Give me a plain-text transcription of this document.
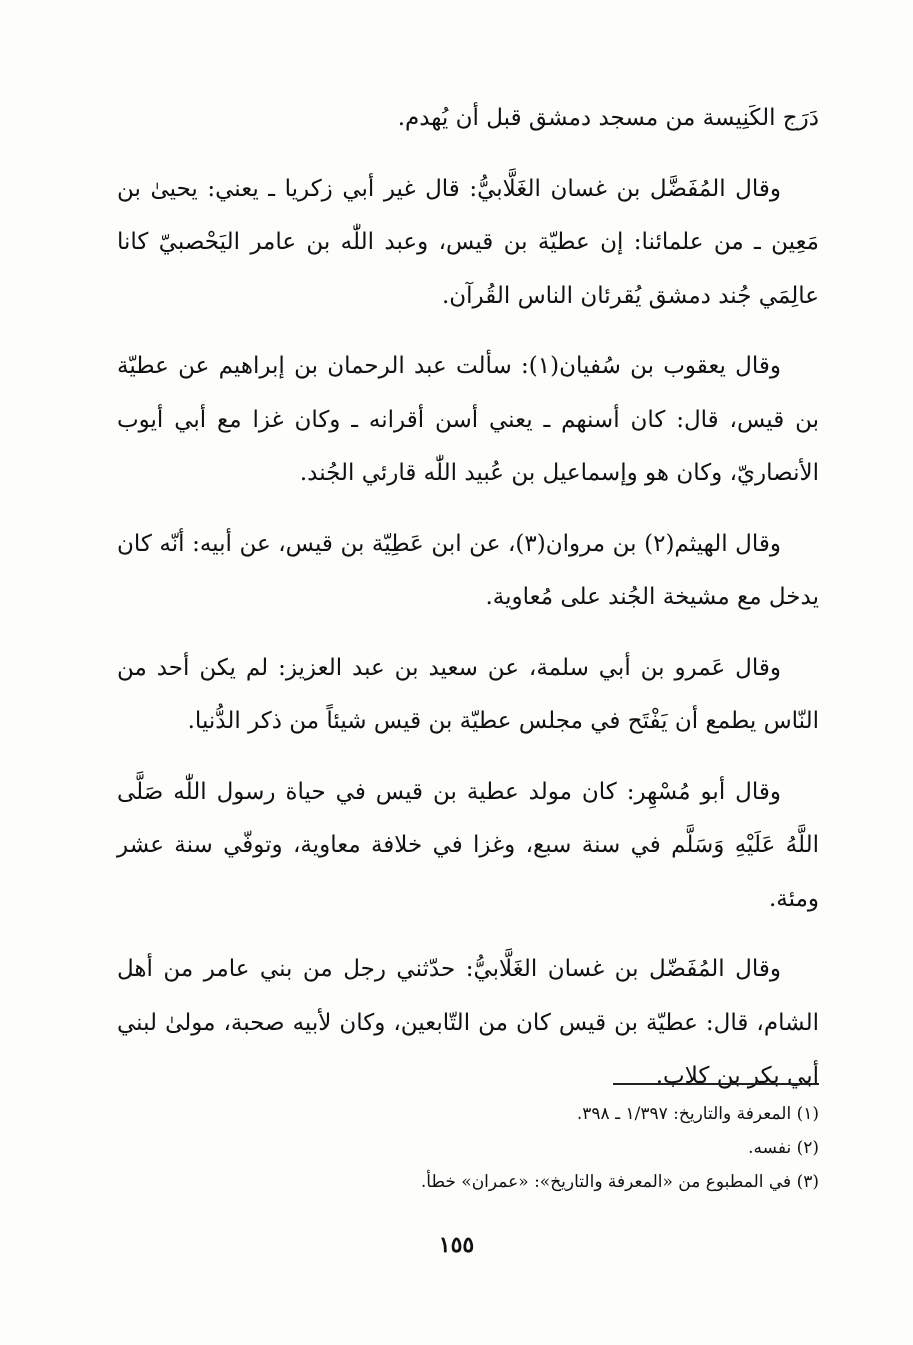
دَرَج الكَنِيسة من مسجد دمشق قبل أن يُهدم.

وقال المُفَضَّل بن غسان الغَلَّابيُّ: قال غير أبي زكريا ـ يعني: يحيىٰ بن مَعِين ـ من علمائنا: إن عطيّة بن قيس، وعبد اللّٰه بن عامر اليَحْصبيّ كانا عالِمَي جُند دمشق يُقرئان الناس القُرآن.

وقال يعقوب بن سُفيان(١): سألت عبد الرحمان بن إبراهيم عن عطيّة بن قيس، قال: كان أسنهم ـ يعني أسن أقرانه ـ وكان غزا مع أبي أيوب الأنصاريّ، وكان هو وإسماعيل بن عُبيد اللّٰه قارئي الجُند.

وقال الهيثم(٢) بن مروان(٣)، عن ابن عَطِيّة بن قيس، عن أبيه: أنّه كان يدخل مع مشيخة الجُند على مُعاوية.

وقال عَمرو بن أبي سلمة، عن سعيد بن عبد العزيز: لم يكن أحد من النّاس يطمع أن يَفْتَح في مجلس عطيّة بن قيس شيئاً من ذكر الدُّنيا.

وقال أبو مُسْهِر: كان مولد عطية بن قيس في حياة رسول اللّٰه صَلَّى اللَّهُ عَلَيْهِ وَسَلَّم في سنة سبع، وغزا في خلافة معاوية، وتوفّي سنة عشر ومئة.

وقال المُفَضّل بن غسان الغَلَّابيُّ: حدّثني رجل من بني عامر من أهل الشام، قال: عطيّة بن قيس كان من التّابعين، وكان لأبيه صحبة، مولىٰ لبني أبي بكر بن كلاب.

(١) المعرفة والتاريخ: ١/٣٩٧ ـ ٣٩٨.

(٢) نفسه.

(٣) في المطبوع من «المعرفة والتاريخ»: «عمران» خطأ.

١٥٥
